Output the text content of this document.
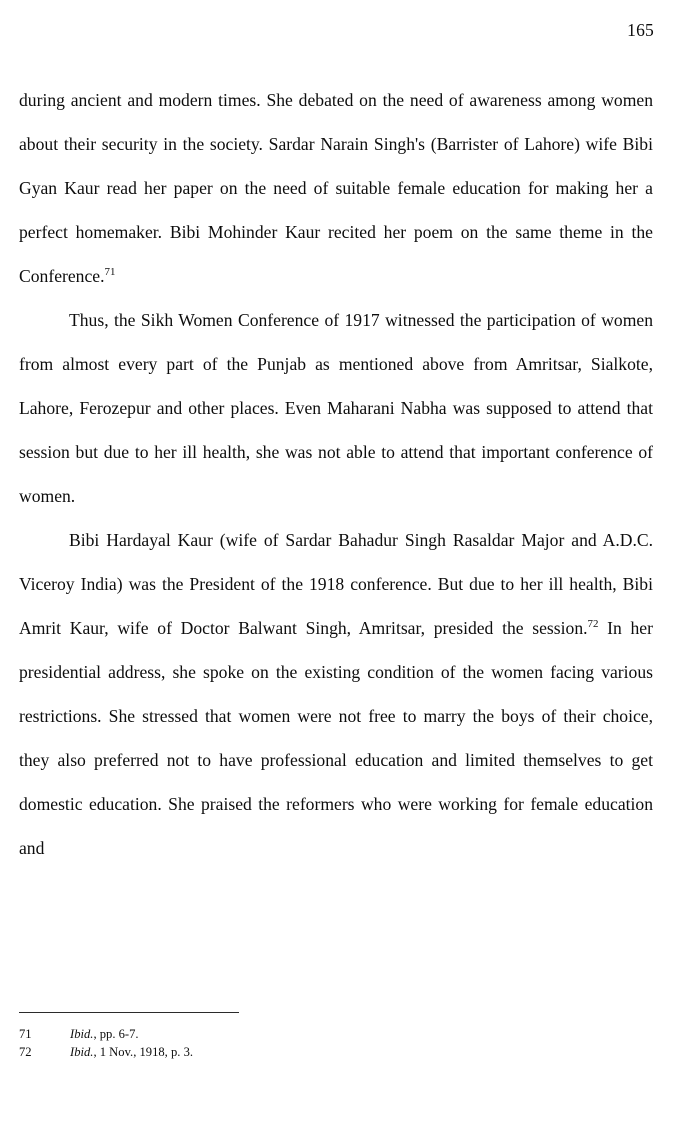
165

during ancient and modern times. She debated on the need of awareness among women about their security in the society. Sardar Narain Singh's (Barrister of Lahore) wife Bibi Gyan Kaur read her paper on the need of suitable female education for making her a perfect homemaker. Bibi Mohinder Kaur recited her poem on the same theme in the Conference.$^{71}$

Thus, the Sikh Women Conference of 1917 witnessed the participation of women from almost every part of the Punjab as mentioned above from Amritsar, Sialkote, Lahore, Ferozepur and other places. Even Maharani Nabha was supposed to attend that session but due to her ill health, she was not able to attend that important conference of women.

Bibi Hardayal Kaur (wife of Sardar Bahadur Singh Rasaldar Major and A.D.C. Viceroy India) was the President of the 1918 conference. But due to her ill health, Bibi Amrit Kaur, wife of Doctor Balwant Singh, Amritsar, presided the session.$^{72}$ In her presidential address, she spoke on the existing condition of the women facing various restrictions. She stressed that women were not free to marry the boys of their choice, they also preferred not to have professional education and limited themselves to get domestic education. She praised the reformers who were working for female education and

71	Ibid., pp. 6-7.
72	Ibid., 1 Nov., 1918, p. 3.
